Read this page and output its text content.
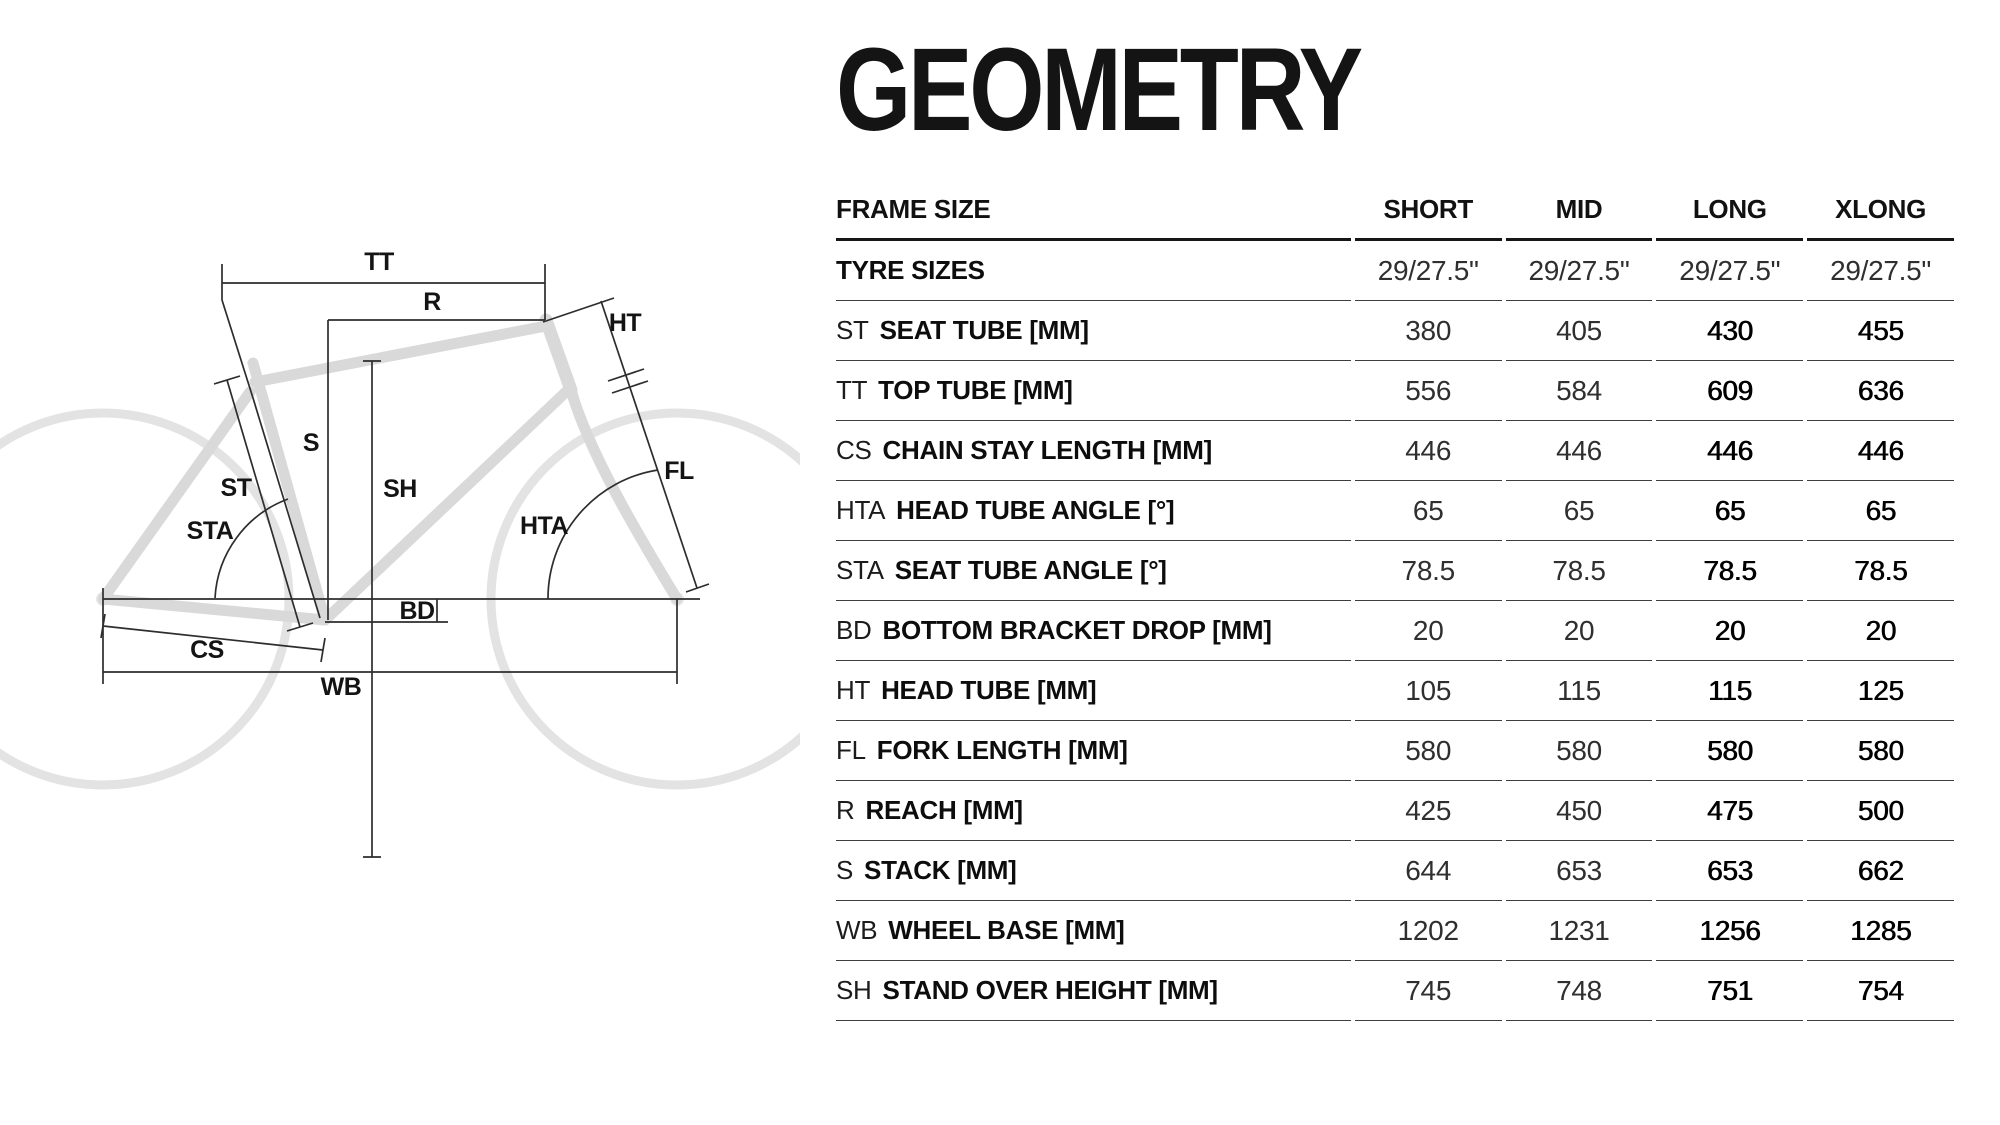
TT
R
HT
S
SH
ST
STA	HTA
FL
BD
CS
WB
GEOMETRY
FRAME SIZE	SHORT	MID	LONG	XLONG
TYRE SIZES	29/27.5"	29/27.5"	29/27.5"	29/27.5"
ST SEAT TUBE [MM]	380	405	430	455
TT TOP TUBE [MM]	556	584	609	636
CS CHAIN STAY LENGTH [MM]	446	446	446	446
HTA HEAD TUBE ANGLE [°]	65	65	65	65
STA SEAT TUBE ANGLE [°]	78.5	78.5	78.5	78.5
BD BOTTOM BRACKET DROP [MM]	20	20	20	20
HT HEAD TUBE [MM]	105	115	115	125
FL FORK LENGTH [MM]	580	580	580	580
R REACH [MM]	425	450	475	500
S STACK [MM]	644	653	653	662
WB WHEEL BASE [MM]	1202	1231	1256	1285
SH STAND OVER HEIGHT [MM]	745	748	751	754
